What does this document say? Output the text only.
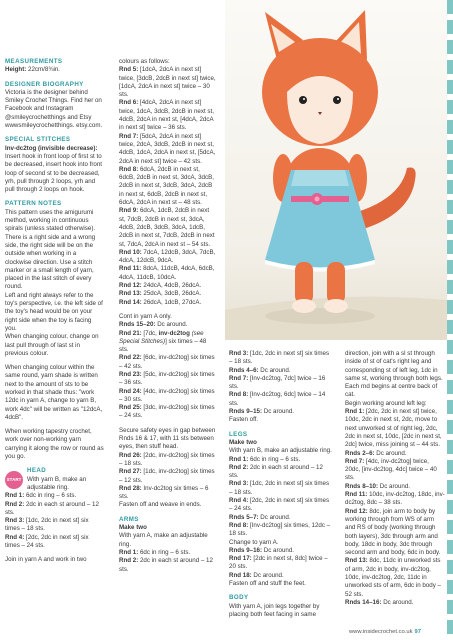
MEASUREMENTS

Height: 22cm/8¾in.

DESIGNER BIOGRAPHY

Victoria is the designer behind Smiley Crochet Things. Find her on Facebook and Instagram @smileycrochetthings and Etsy wwwsmileycrochetthings. etsy.com.

SPECIAL STITCHES

Inv-dc2tog (invisible decrease): Insert hook in front loop of first st to be decreased, insert hook into front loop of second st to be decreased, yrh, pull through 2 loops, yrh and pull through 2 loops on hook.

PATTERN NOTES

This pattern uses the amigurumi method, working in continuous spirals (unless stated otherwise). There is a right side and a wrong side, the right side will be on the outside when working in a clockwise direction. Use a stitch marker or a small length of yarn, placed in the last stitch of every round.

Left and right always refer to the toy's perspective, i.e. the left side of the toy's head would be on your right side when the toy is facing you.

When changing colour, change on last pull through of last st in previous colour.

When changing colour within the same round, yarn shade is written next to the amount of sts to be worked in that shade thus: "work 12dc in yarn A, change to yarn B, work 4dc" will be written as "12dcA, 4dcB".

When working tapestry crochet, work over non-working yarn carrying it along the row or round as you go.

START

HEAD

With yarn B, make an adjustable ring.

Rnd 1: 6dc in ring – 6 sts.

Rnd 2: 2dc in each st around – 12 sts.

Rnd 3: [1dc, 2dc in next st] six times – 18 sts.

Rnd 4: [2dc, 2dc in next st] six times – 24 sts.

Join in yarn A and work in two

colours as follows:

Rnd 5: [1dcA, 2dcA in next st] twice, [3dcB, 2dcB in next st] twice, [1dcA, 2dcA in next st] twice – 30 sts.

Rnd 6: [4dcA, 2dcA in next st] twice, 1dcA, 3dcB, 2dcB in next st, 4dcB, 2dcA in next st, [4dcA, 2dcA in next st] twice – 36 sts.

Rnd 7: [5dcA, 2dcA in next st] twice, 2dcA, 3dcB, 2dcB in next st, 4dcB, 1dcA, 2dcA in next st, [5dcA, 2dcA in next st] twice – 42 sts.

Rnd 8: 6dcA, 2dcB in next st, 6dcB, 2dcB in next st, 3dcA, 3dcB, 2dcB in next st, 3dcB, 3dcA, 2dcB in next st, 6dcB, 2dcB in next st, 6dcA, 2dcA in next st – 48 sts.

Rnd 9: 6dcA, 1dcB, 2dcB in next st, 7dcB, 2dcB in next st, 3dcA, 4dcB, 2dcB, 3dcB, 3dcA, 1dcB, 2dcB in next st, 7dcB, 2dcB in next st, 7dcA, 2dcA in next st – 54 sts.

Rnd 10: 7dcA, 12dcB, 3dcA, 7dcB, 4dcA, 12dcB, 9dcA.

Rnd 11: 8dcA, 11dcB, 4dcA, 6dcB, 4dcA, 11dcB, 10dcA.

Rnd 12: 24dcA, 4dcB, 26dcA.

Rnd 13: 25dcA, 3dcB, 26dcA.

Rnd 14: 26dcA, 1dcB, 27dcA.

Cont in yarn A only.

Rnds 15–20: Dc around.

Rnd 21: [7dc, inv-dc2tog (see Special Stitches)] six times – 48 sts.

Rnd 22: [6dc, inv-dc2tog] six times – 42 sts.

Rnd 23: [5dc, inv-dc2tog] six times – 36 sts.

Rnd 24: [4dc, inv-dc2tog] six times – 30 sts.

Rnd 25: [3dc, inv-dc2tog] six times – 24 sts.

Secure safety eyes in gap between Rnds 16 & 17, with 11 sts between eyes, then stuff head.

Rnd 26: [2dc, inv-dc2tog] six times – 18 sts.

Rnd 27: [1dc, inv-dc2tog] six times – 12 sts.

Rnd 28: Inv-dc2tog six times – 6 sts.

Fasten off and weave in ends.

ARMS

Make two

With yarn A, make an adjustable ring.

Rnd 1: 6dc in ring – 6 sts.

Rnd 2: 2dc in each st around – 12 sts.

Rnd 3: [1dc, 2dc in next st] six times – 18 sts.

Rnds 4–6: Dc around.

Rnd 7: [Inv-dc2tog, 7dc] twice – 16 sts.

Rnd 8: [Inv-dc2tog, 6dc] twice – 14 sts.

Rnds 9–15: Dc around.

Fasten off.

LEGS

Make two

With yarn B, make an adjustable ring.

Rnd 1: 6dc in ring – 6 sts.

Rnd 2: 2dc in each st around – 12 sts.

Rnd 3: [1dc, 2dc in next st] six times – 18 sts.

Rnd 4: [2dc, 2dc in next st] six times – 24 sts.

Rnds 5–7: Dc around.

Rnd 8: [Inv-dc2tog] six times, 12dc – 18 sts.

Change to yarn A.

Rnds 9–16: Dc around.

Rnd 17: [2dc in next st, 8dc] twice – 20 sts.

Rnd 18: Dc around.

Fasten off and stuff the feet.

BODY

With yarn A, join legs together by placing both feet facing in same

direction, join with a sl st through inside of st of cat's right leg and corresponding st of left leg, 1dc in same st, working through both legs. Each rnd begins at centre back of cat.

Begin working around left leg:

Rnd 1: [2dc, 2dc in next st] twice, 10dc, 2dc in next st, 2dc, move to next unworked st of right leg, 2dc, 2dc in next st, 10dc, [2dc in next st, 2dc] twice, miss joining st – 44 sts.

Rnds 2–6: Dc around.

Rnd 7: [4dc, inv-dc2tog] twice, 20dc, [inv-dc2tog, 4dc] twice – 40 sts.

Rnds 8–10: Dc around.

Rnd 11: 10dc, inv-dc2tog, 18dc, inv-dc2tog, 8dc – 38 sts.

Rnd 12: 8dc, join arm to body by working through from WS of arm and RS of body (working through both layers), 3dc through arm and body, 18dc in body, 3dc through second arm and body, 6dc in body.

Rnd 13: 8dc, 11dc in unworked sts of arm, 2dc in body, inv-dc2tog, 10dc, inv-dc2tog, 2dc, 11dc in unworked sts of arm, 6dc in body – 52 sts.

Rnds 14–16: Dc around.

www.insidecrochet.co.uk 97
